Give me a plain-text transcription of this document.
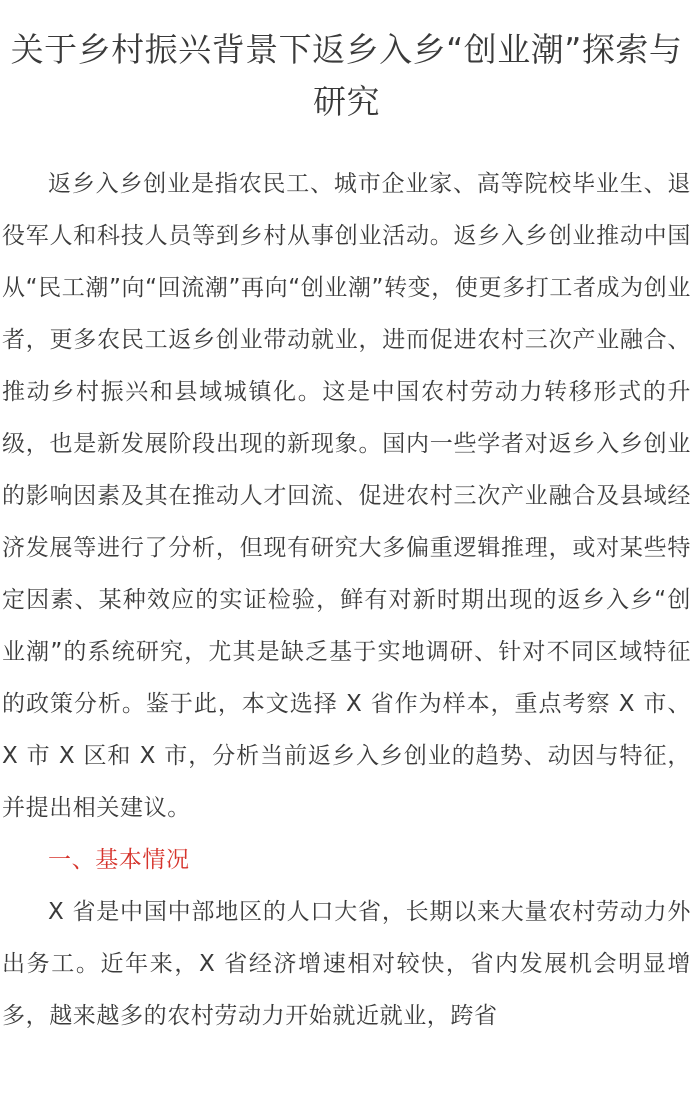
关于乡村振兴背景下返乡入乡“创业潮”探索与研究

返乡入乡创业是指农民工、城市企业家、高等院校毕业生、退役军人和科技人员等到乡村从事创业活动。返乡入乡创业推动中国从“民工潮”向“回流潮”再向“创业潮”转变，使更多打工者成为创业者，更多农民工返乡创业带动就业，进而促进农村三次产业融合、推动乡村振兴和县域城镇化。这是中国农村劳动力转移形式的升级，也是新发展阶段出现的新现象。国内一些学者对返乡入乡创业的影响因素及其在推动人才回流、促进农村三次产业融合及县域经济发展等进行了分析，但现有研究大多偏重逻辑推理，或对某些特定因素、某种效应的实证检验，鲜有对新时期出现的返乡入乡“创业潮”的系统研究，尤其是缺乏基于实地调研、针对不同区域特征的政策分析。鉴于此，本文选择 X 省作为样本，重点考察 X 市、X 市 X 区和 X 市，分析当前返乡入乡创业的趋势、动因与特征，并提出相关建议。

一、基本情况

X 省是中国中部地区的人口大省，长期以来大量农村劳动力外出务工。近年来，X 省经济增速相对较快，省内发展机会明显增多，越来越多的农村劳动力开始就近就业，跨省
